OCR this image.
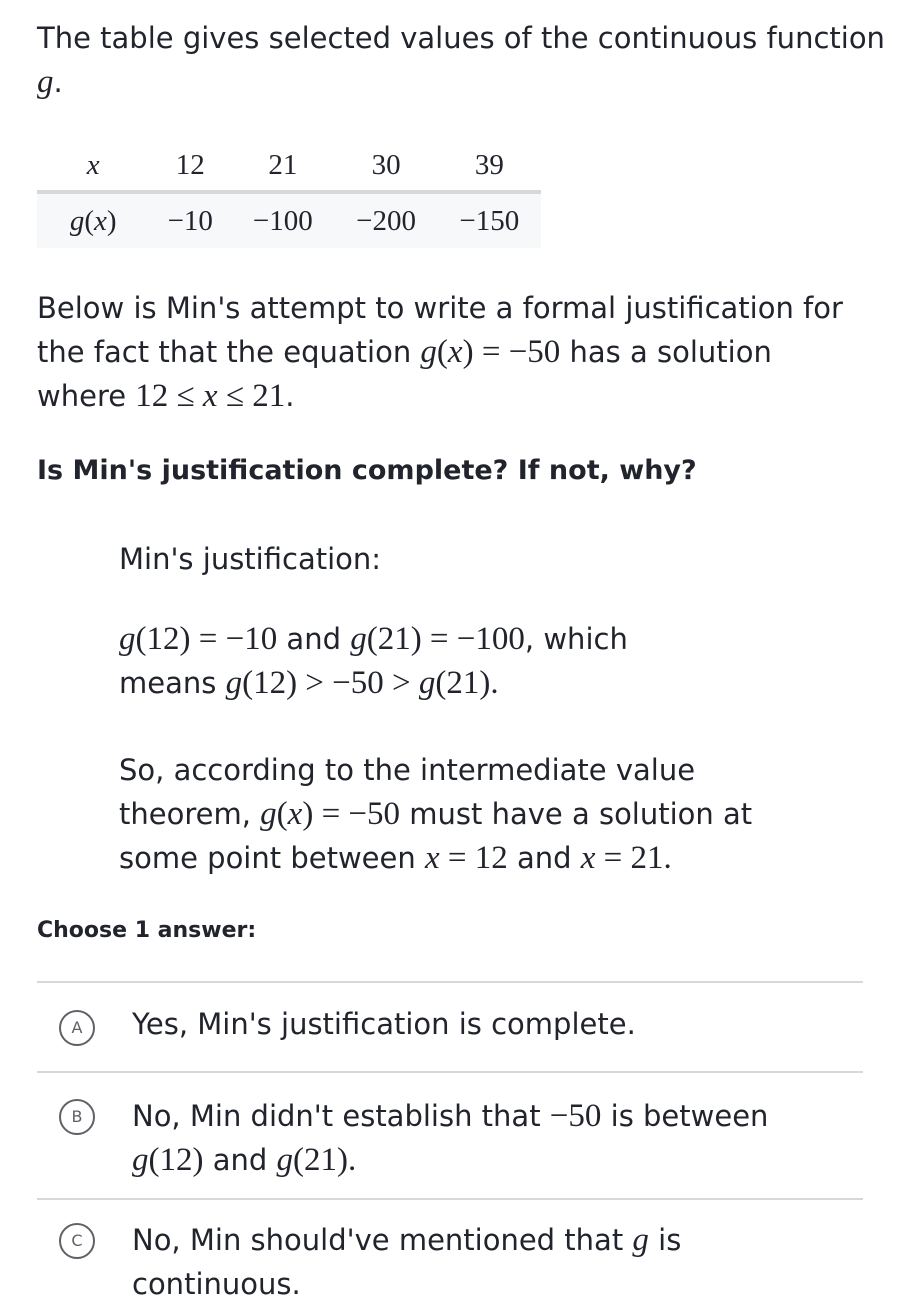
The table gives selected values of the continuous function
g.
x	12	21	30	39
g(x)	−10	−100	−200	−150
Below is Min's attempt to write a formal justification for
the fact that the equation g(x) = −50 has a solution
where 12 ≤ x ≤ 21.
Is Min's justification complete? If not, why?
Min's justification:
g(12) = −10 and g(21) = −100, which
means g(12) > −50 > g(21).
So, according to the intermediate value
theorem, g(x) = −50 must have a solution at
some point between x = 12 and x = 21.
Choose 1 answer:
A	Yes, Min's justification is complete.
B	No, Min didn't establish that −50 is between
g(12) and g(21).
C	No, Min should've mentioned that g is continuous.
